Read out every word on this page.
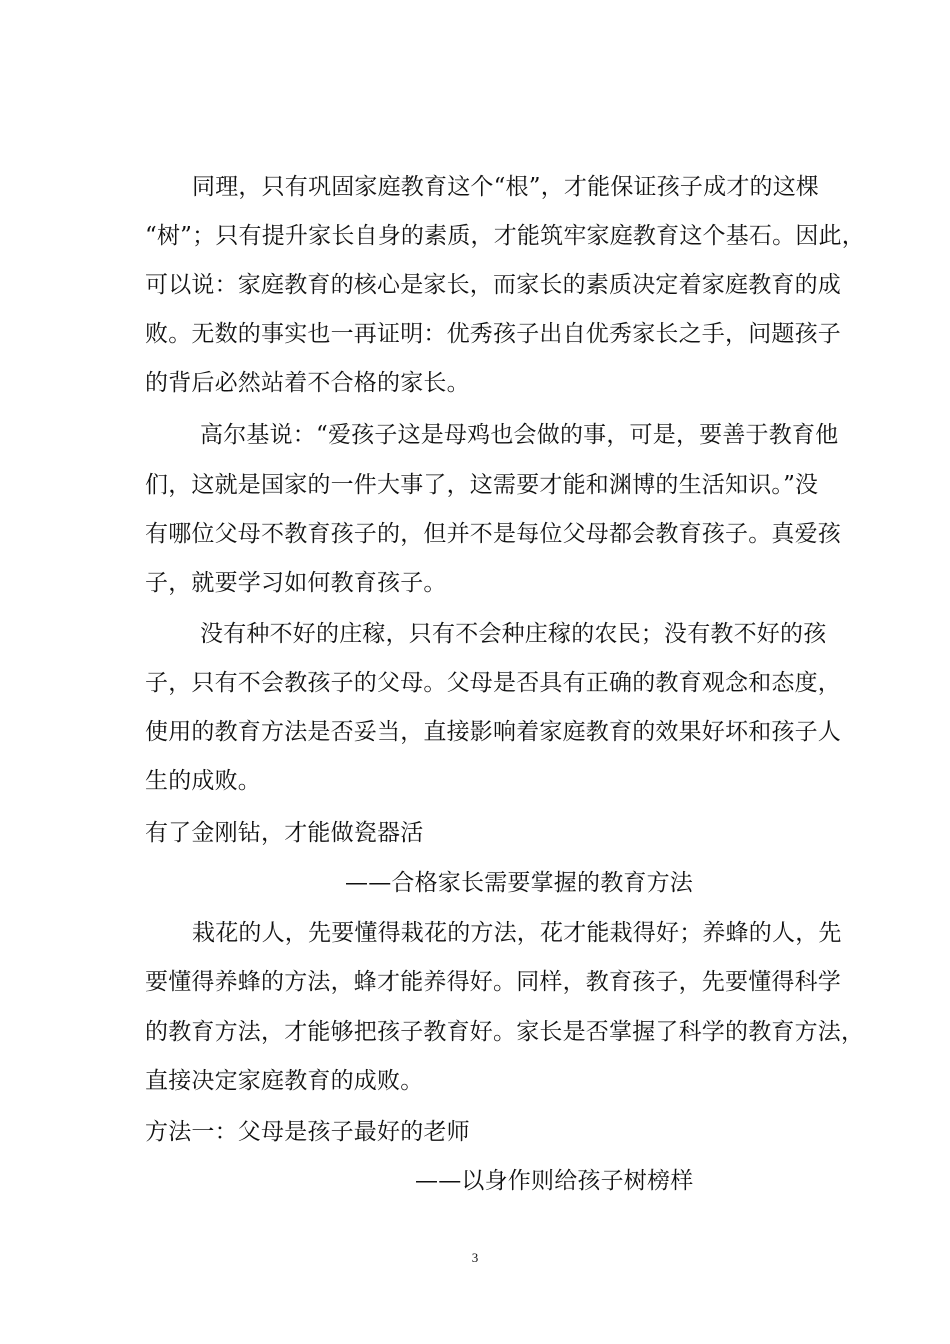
同理，只有巩固家庭教育这个“根”，才能保证孩子成才的这棵
“树”；只有提升家长自身的素质，才能筑牢家庭教育这个基石。因此，
可以说：家庭教育的核心是家长，而家长的素质决定着家庭教育的成
败。无数的事实也一再证明：优秀孩子出自优秀家长之手，问题孩子
的背后必然站着不合格的家长。
高尔基说：“爱孩子这是母鸡也会做的事，可是，要善于教育他
们，这就是国家的一件大事了，这需要才能和渊博的生活知识。”没
有哪位父母不教育孩子的，但并不是每位父母都会教育孩子。真爱孩
子，就要学习如何教育孩子。
没有种不好的庄稼，只有不会种庄稼的农民；没有教不好的孩
子，只有不会教孩子的父母。父母是否具有正确的教育观念和态度，
使用的教育方法是否妥当，直接影响着家庭教育的效果好坏和孩子人
生的成败。
有了金刚钻，才能做瓷器活
——合格家长需要掌握的教育方法
栽花的人，先要懂得栽花的方法，花才能栽得好；养蜂的人，先
要懂得养蜂的方法，蜂才能养得好。同样，教育孩子，先要懂得科学
的教育方法，才能够把孩子教育好。家长是否掌握了科学的教育方法，
直接决定家庭教育的成败。
方法一：父母是孩子最好的老师
——以身作则给孩子树榜样
3
